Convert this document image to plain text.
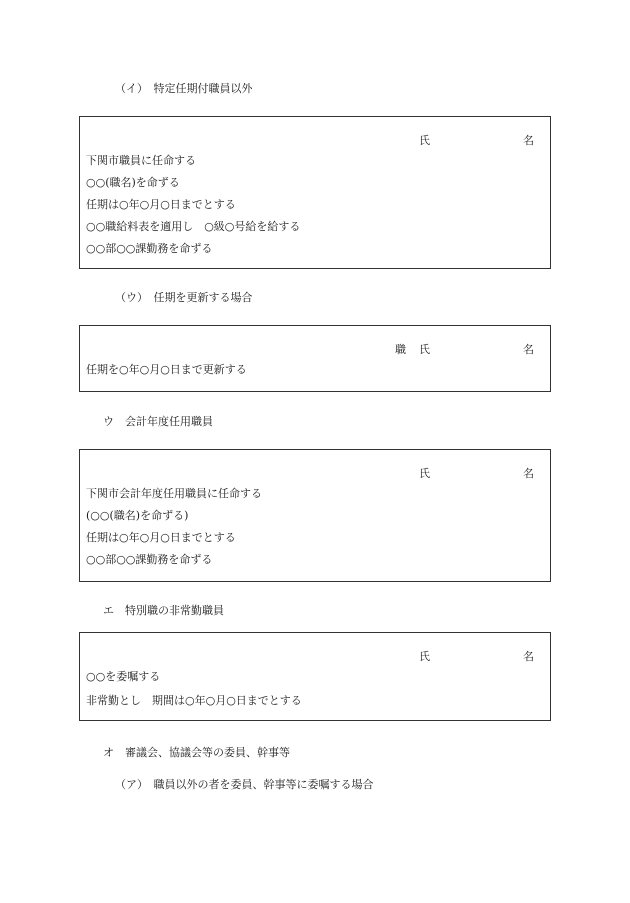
（イ）　特定任期付職員以外
氏	名
下関市職員に任命する
○○(職名)を命ずる
任期は○年○月○日までとする
○○職給料表を適用し　○級○号給を給する
○○部○○課勤務を命ずる
（ウ）　任期を更新する場合
職 氏	名
任期を○年○月○日まで更新する
ウ　会計年度任用職員
氏	名
下関市会計年度任用職員に任命する
(○○(職名)を命ずる)
任期は○年○月○日までとする
○○部○○課勤務を命ずる
エ　特別職の非常勤職員
氏	名
○○を委嘱する
非常勤とし　期間は○年○月○日までとする
オ　審議会、協議会等の委員、幹事等
（ア）　職員以外の者を委員、幹事等に委嘱する場合
